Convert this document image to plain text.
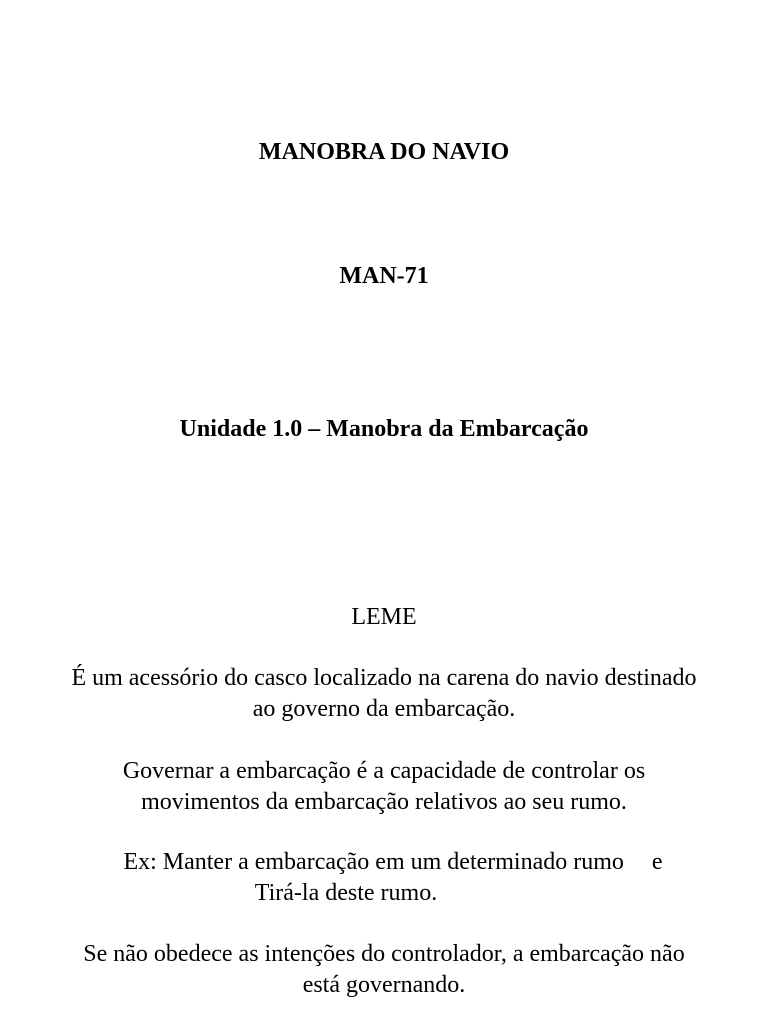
MANOBRA DO NAVIO
MAN-71
Unidade 1.0 – Manobra da Embarcação
LEME
É um acessório do casco localizado na carena do navio destinado
ao governo da embarcação.
Governar a embarcação é a capacidade de controlar os
movimentos da embarcação relativos ao seu rumo.
Ex: Manter a embarcação em um determinado rumo e
Tirá-la deste rumo.
Se não obedece as intenções do controlador, a embarcação não
está governando.
